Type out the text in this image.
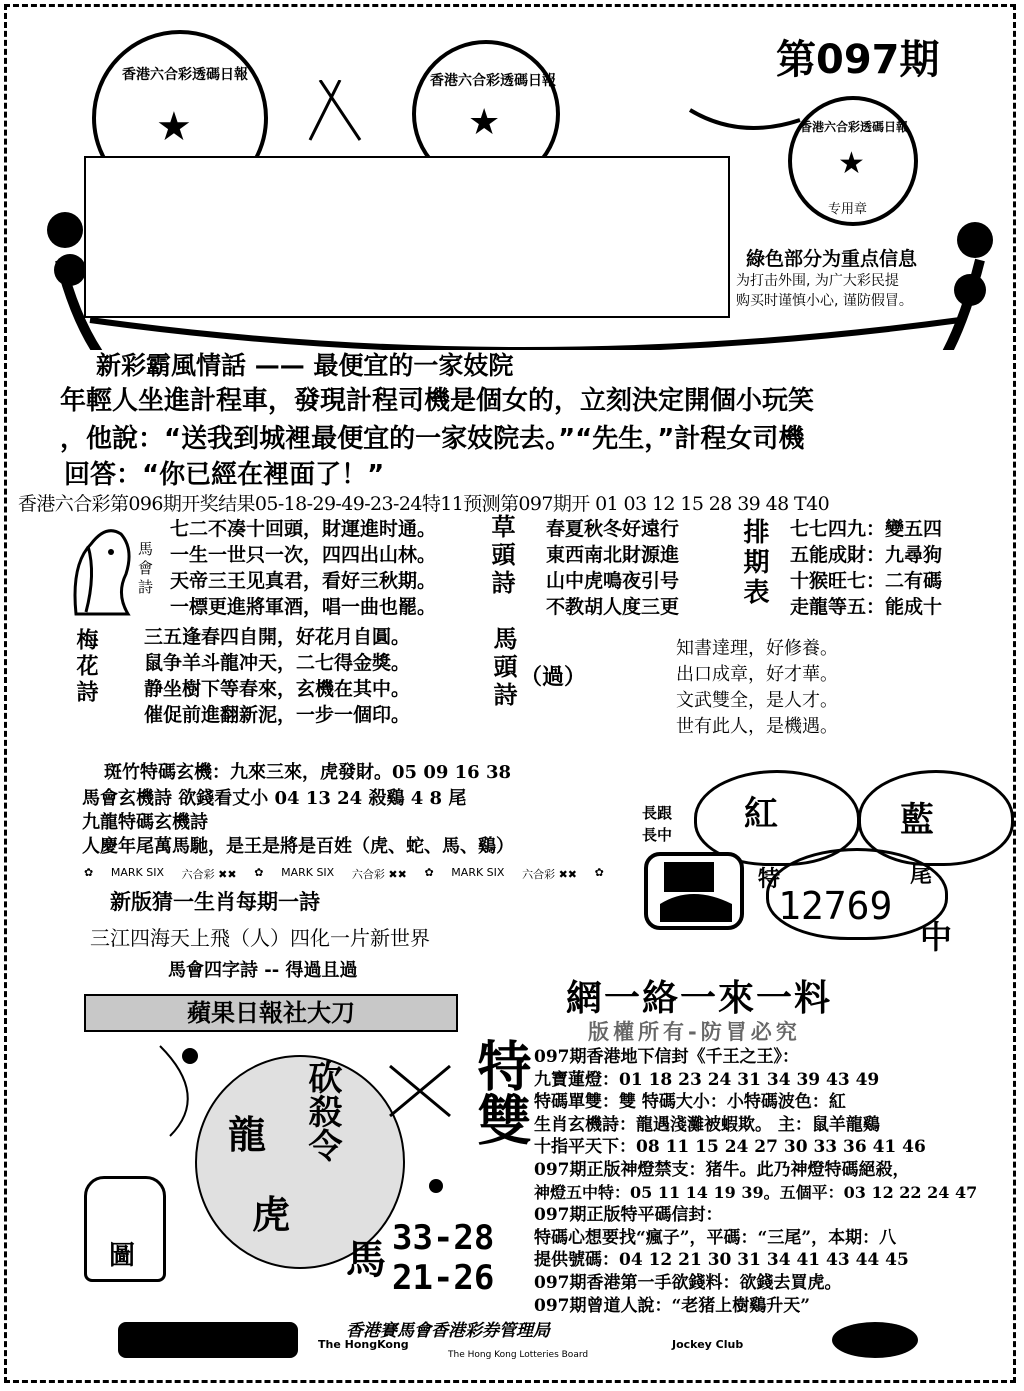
第097期
香港六合彩透碼日報
★
香港六合彩透碼日報
★	香港六合彩透碼日報
★
专用章
綠色部分为重点信息
为打击外围, 为广大彩民提
购买时谨慎小心, 谨防假冒。
新彩霸風情話 —— 最便宜的一家妓院
年輕人坐進計程車，發現計程司機是個女的，立刻決定開個小玩笑
，他說：“送我到城裡最便宜的一家妓院去。”“先生，”計程女司機
回答：“你已經在裡面了！”
香港六合彩第096期开奖结果05-18-29-49-23-24特11预测第097期开 01 03 12 15 28 39 48 T40
馬會詩
七二不凑十回頭，財運進时通。
一生一世只一次，四四出山林。
天帝三王见真君，看好三秋期。
一標更進將軍酒，唱一曲也罷。
草頭詩 春夏秋冬好遠行
東西南北財源進
山中虎鳴夜引号
不教胡人度三更 排期表 七七四九：變五四
五能成財：九尋狗
十猴旺七：二有碼
走龍等五：能成十
梅花詩 三五逢春四自開，好花月自圓。
鼠争羊斗龍冲天，二七得金獎。
静坐樹下等春來，玄機在其中。
催促前進翻新泥，一步一個印。
馬頭詩 （過）
知書達理，好修養。
出口成章，好才華。
文武雙全，是人才。
世有此人，是機遇。
斑竹特碼玄機：九來三來，虎發財。05 09 16 38
馬會玄機詩 欲錢看丈小 04 13 24 殺鷄 4 8 尾
九龍特碼玄機詩
人慶年尾萬馬馳，是王是將是百姓（虎、蛇、馬、鷄）
✿ MARK SIX 六合彩 ✖✖ ✿ MARK SIX 六合彩 ✖✖ ✿ MARK SIX 六合彩 ✖✖ ✿
新版猜一生肖每期一詩
三江四海天上飛（人）四化一片新世界
馬會四字詩 -- 得過且過
蘋果日報社大刀
長跟
長中
紅	藍
特	尾
12769
中
網一絡一來一料
版權所有-防冒必究
龍
虎
砍殺令 特雙
馬 33-28
21-26
圖
097期香港地下信封《千王之王》：
九寶蓮燈：01 18 23 24 31 34 39 43 49
特碼單雙：雙 特碼大小：小特碼波色：紅
生肖玄機詩：龍遇淺灘被蝦欺。 主：鼠羊龍鷄
十指平天下：08 11 15 24 27 30 33 36 41 46
097期正版神燈禁支：猪牛。此乃神燈特碼絕殺，
神燈五中特：05 11 14 19 39。五個平：03 12 22 24 47
097期正版特平碼信封：
特碼心想要找“瘋子”，平碼：“三尾”，本期：八
提供號碼：04 12 21 30 31 34 41 43 44 45
097期香港第一手欲錢料：欲錢去買虎。
097期曾道人說：“老猪上樹鷄升天”
香港賽馬會香港彩券管理局
The HongKong	Jockey Club
The Hong Kong Lotteries Board
